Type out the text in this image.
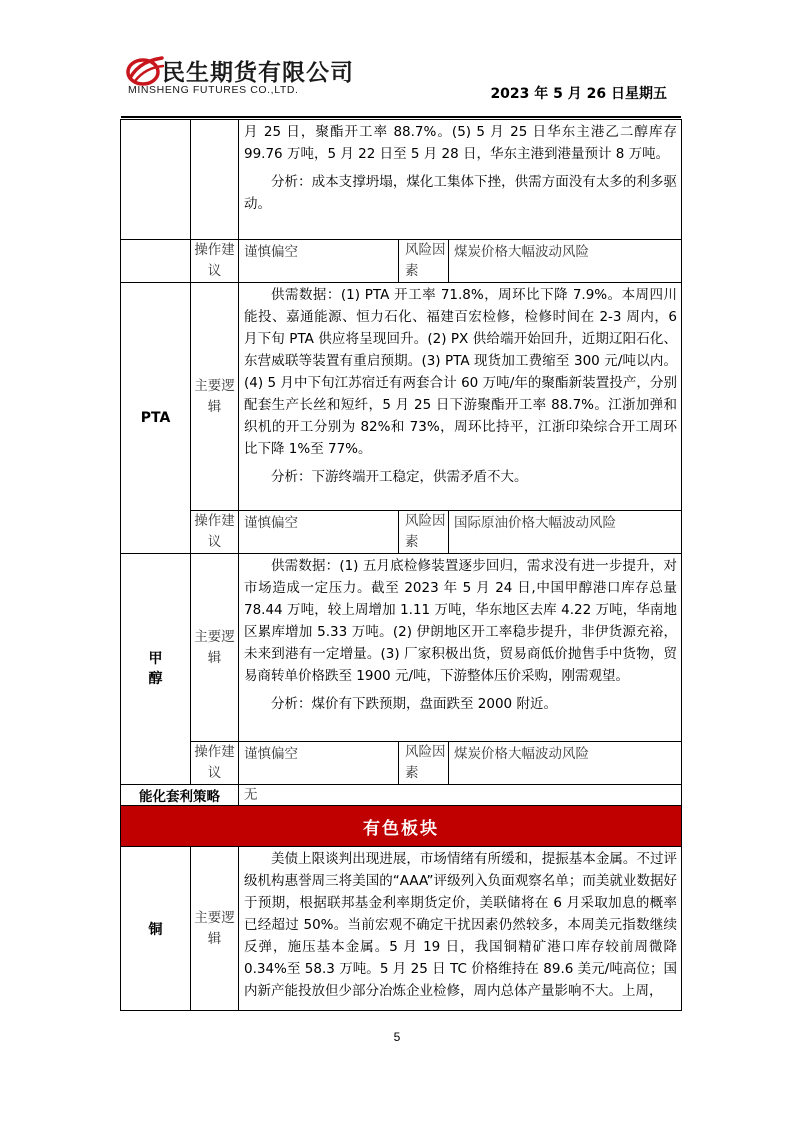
民生期货有限公司
MINSHENG FUTURES CO.,LTD.	2023 年 5 月 26 日星期五

		月 25 日，聚酯开工率 88.7%。(5) 5 月 25 日华东主港乙二醇库存 99.76 万吨，5 月 22 日至 5 月 28 日，华东主港到港量预计 8 万吨。

分析：成本支撑坍塌，煤化工集体下挫，供需方面没有太多的利多驱动。		

	操作建议	谨慎偏空	风险因素	煤炭价格大幅波动风险
PTA	主要逻辑	供需数据：(1) PTA 开工率 71.8%，周环比下降 7.9%。本周四川能投、嘉通能源、恒力石化、福建百宏检修，检修时间在 2-3 周内，6 月下旬 PTA 供应将呈现回升。(2) PX 供给端开始回升，近期辽阳石化、东营威联等装置有重启预期。(3) PTA 现货加工费缩至 300 元/吨以内。(4) 5 月中下旬江苏宿迁有两套合计 60 万吨/年的聚酯新装置投产，分别配套生产长丝和短纤，5 月 25 日下游聚酯开工率 88.7%。江浙加弹和织机的开工分别为 82%和 73%，周环比持平，江浙印染综合开工周环比下降 1%至 77%。

分析：下游终端开工稳定，供需矛盾不大。		

	操作建议	谨慎偏空	风险因素	国际原油价格大幅波动风险
甲醇	主要逻辑	供需数据：(1) 五月底检修装置逐步回归，需求没有进一步提升，对市场造成一定压力。截至 2023 年 5 月 24 日,中国甲醇港口库存总量 78.44 万吨，较上周增加 1.11 万吨，华东地区去库 4.22 万吨，华南地区累库增加 5.33 万吨。(2) 伊朗地区开工率稳步提升，非伊货源充裕，未来到港有一定增量。(3) 厂家积极出货，贸易商低价抛售手中货物，贸易商转单价格跌至 1900 元/吨，下游整体压价采购，刚需观望。

分析：煤价有下跌预期，盘面跌至 2000 附近。		

	操作建议	谨慎偏空	风险因素	煤炭价格大幅波动风险
能化套利策略		无		
有色板块				
铜	主要逻辑	美债上限谈判出现进展，市场情绪有所缓和，提振基本金属。不过评级机构惠誉周三将美国的“AAA”评级列入负面观察名单；而美就业数据好于预期，根据联邦基金利率期货定价，美联储将在 6 月采取加息的概率已经超过 50%。当前宏观不确定干扰因素仍然较多，本周美元指数继续反弹，施压基本金属。5 月 19 日，我国铜精矿港口库存较前周微降 0.34%至 58.3 万吨。5 月 25 日 TC 价格维持在 89.6 美元/吨高位；国内新产能投放但少部分冶炼企业检修，周内总体产量影响不大。上周，		

5
